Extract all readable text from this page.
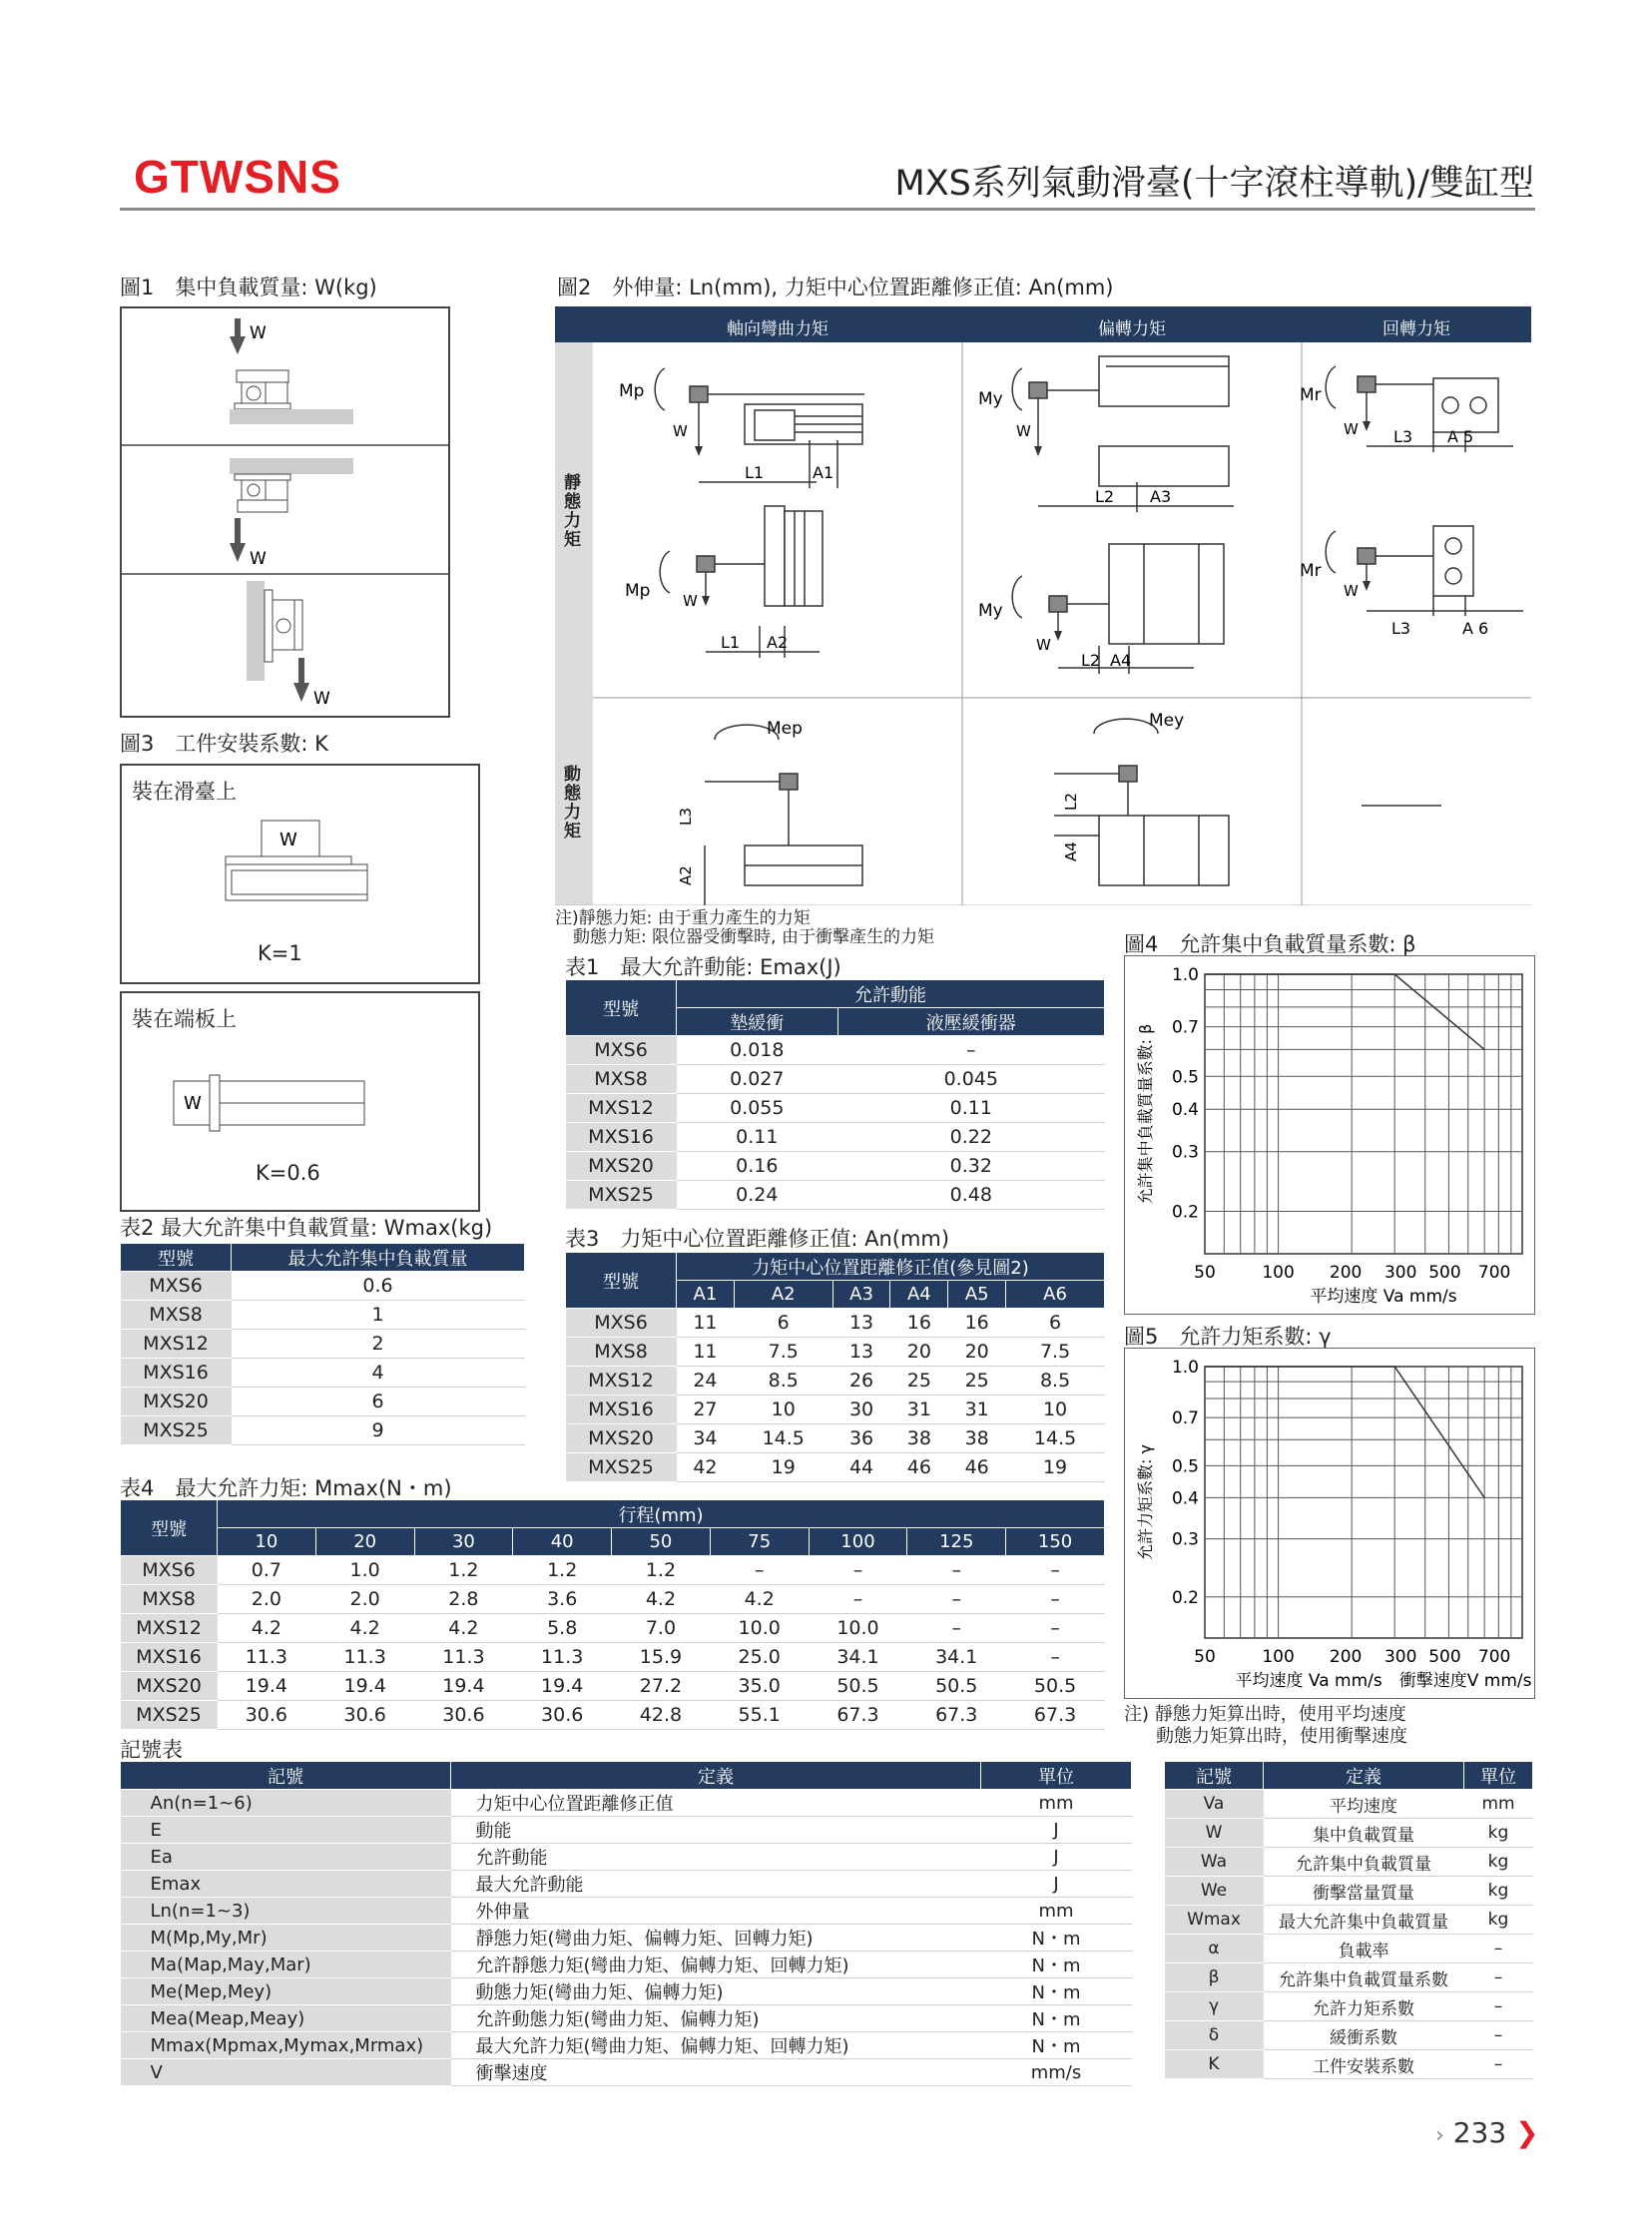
GTWSNS	MXS系列氣動滑臺(十字滾柱導軌)/雙缸型
圖1　集中負載質量: W(kg)
W
W
W
圖3　工件安裝系數: K
裝在滑臺上
W
K=1
裝在端板上
W
K=0.6
表2 最大允許集中負載質量: Wmax(kg)
型號	最大允許集中負載質量
MXS6	0.6
MXS8	1
MXS12	2
MXS16	4
MXS20	6
MXS25	9
表4　最大允許力矩: Mmax(N・m)
型號	行程(mm)								
	10	20	30	40	50	75	100	125	150
MXS6	0.7	1.0	1.2	1.2	1.2	–	–	–	–
MXS8	2.0	2.0	2.8	3.6	4.2	4.2	–	–	–
MXS12	4.2	4.2	4.2	5.8	7.0	10.0	10.0	–	–
MXS16	11.3	11.3	11.3	11.3	15.9	25.0	34.1	34.1	–
MXS20	19.4	19.4	19.4	19.4	27.2	35.0	50.5	50.5	50.5
MXS25	30.6	30.6	30.6	30.6	42.8	55.1	67.3	67.3	67.3
圖2　外伸量: Ln(mm), 力矩中心位置距離修正值: An(mm)
軸向彎曲力矩	偏轉力矩	回轉力矩
靜態力矩
動態力矩
Mp
W
L1	A1
Mp W
L1 A2
My
W
L2 A3
My
W
L2 A4
Mr
W L3 A 5
Mr
W
L3	A 6
Mep
L3
A2
Mey
L2
A4
注)靜態力矩: 由于重力產生的力矩
動態力矩: 限位器受衝擊時, 由于衝擊產生的力矩
表1　最大允許動能: Emax(J)
型號	允許動能	
	墊緩衝	液壓緩衝器
MXS6	0.018	–
MXS8	0.027	0.045
MXS12	0.055	0.11
MXS16	0.11	0.22
MXS20	0.16	0.32
MXS25	0.24	0.48
表3　力矩中心位置距離修正值: An(mm)
型號	力矩中心位置距離修正值(參見圖2)					
	A1	A2	A3	A4	A5	A6
MXS6	11	6	13	16	16	6
MXS8	11	7.5	13	20	20	7.5
MXS12	24	8.5	26	25	25	8.5
MXS16	27	10	30	31	31	10
MXS20	34	14.5	36	38	38	14.5
MXS25	42	19	44	46	46	19
圖4　允許集中負載質量系數: β
1.0
0.7
0.5
0.4
0.3
0.2
50	100 200 300 500 700
平均速度 Va mm/s
允許集中負載質量系數: β
圖5　允許力矩系數: γ
1.0
0.7
0.5
0.4
0.3
0.2
50	100 200 300 500 700
平均速度 Va mm/s　衝擊速度V mm/s
允許力矩系數: γ
注) 靜態力矩算出時，使用平均速度
動態力矩算出時，使用衝擊速度
記號表
記號	定義	單位
An(n=1~6)	力矩中心位置距離修正值	mm
E	動能	J
Ea	允許動能	J
Emax	最大允許動能	J
Ln(n=1~3)	外伸量	mm
M(Mp,My,Mr)	靜態力矩(彎曲力矩、偏轉力矩、回轉力矩)	N・m
Ma(Map,May,Mar)	允許靜態力矩(彎曲力矩、偏轉力矩、回轉力矩)	N・m
Me(Mep,Mey)	動態力矩(彎曲力矩、偏轉力矩)	N・m
Mea(Meap,Meay)	允許動態力矩(彎曲力矩、偏轉力矩)	N・m
Mmax(Mpmax,Mymax,Mrmax)	最大允許力矩(彎曲力矩、偏轉力矩、回轉力矩)	N・m
V	衝擊速度	mm/s
記號	定義	單位
Va	平均速度	mm
W	集中負載質量	kg
Wa	允許集中負載質量	kg
We	衝擊當量質量	kg
Wmax	最大允許集中負載質量	kg
α	負載率	–
β	允許集中負載質量系數	–
γ	允許力矩系數	–
δ	緩衝系數	–
K	工件安裝系數	–
› 233 ❯
